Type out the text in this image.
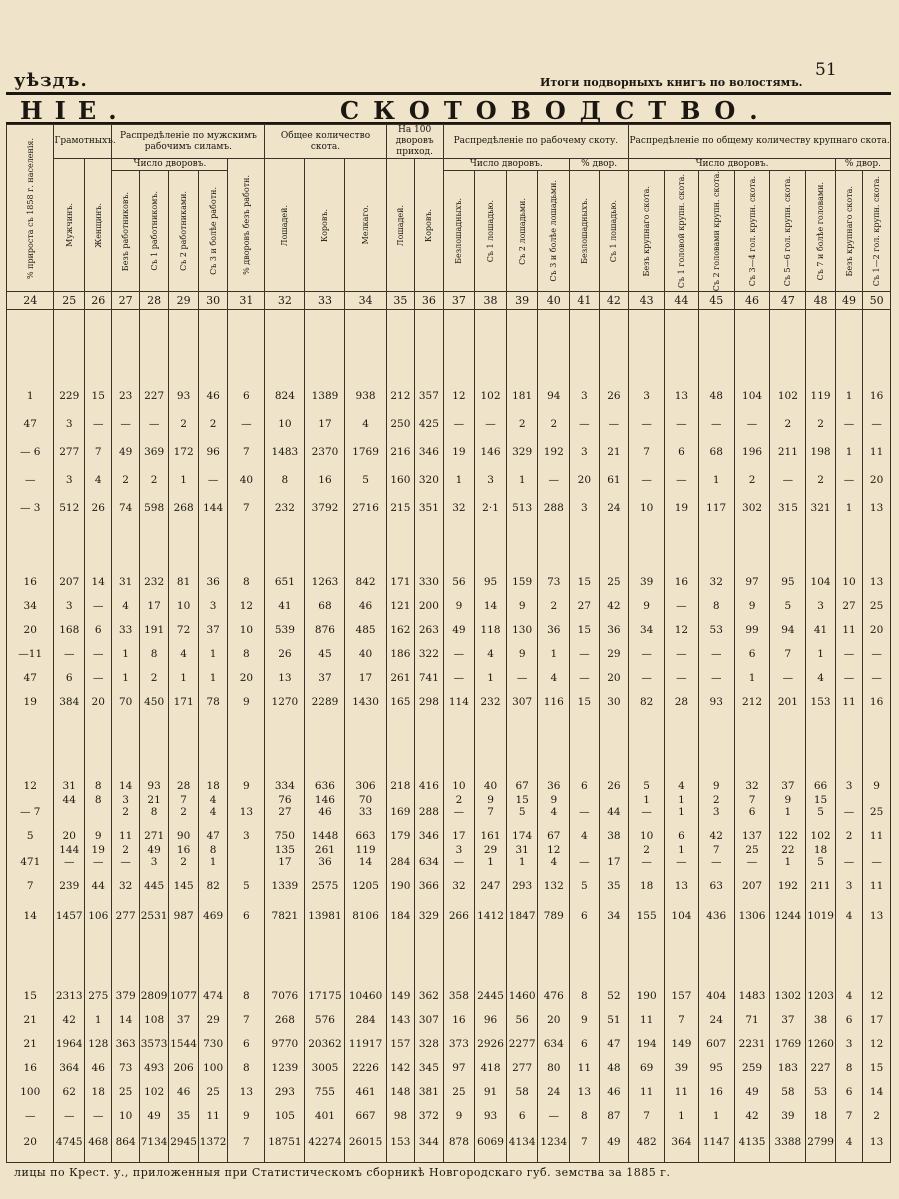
уѣздъ.	Итоги подворныхъ книгъ по волостямъ.
51
НІЕ.	СКОТОВОДСТВО.
% прироста съ 1858 г. населенія.	Грамотныхъ.		Распредѣленіе по мужскимъ рабочимъ силамъ.					Общее количество скота.			На 100 дворовъ приход.		Распредѣленіе по рабочему скоту.						Распредѣленіе по общему количеству крупнаго скота.							

	Мужчинъ.	Женщинъ.	Число дворовъ.				% дворовъ безъ работн.	Лошадей.	Коровъ.	Мелкаго.	Лошадей.	Коровъ.	Число дворовъ.				% двор.		Число дворовъ.						% двор.	

			Безъ работниковъ.	Съ 1 работникомъ.	Съ 2 работниками.	Съ 3 и болѣе работн.							Безлошадныхъ.	Съ 1 лошадью.	Съ 2 лошадьми.	Съ 3 и болѣе лошадьми.	Безлошадныхъ.	Съ 1 лошадью.	Безъ крупнаго скота.	Съ 1 головой крупн. скота.	Съ 2 головами крупн. скота.	Съ 3—4 гол. крупн. скота.	Съ 5—6 гол. крупн. скота.	Съ 7 и болѣе головами.	Безъ крупнаго скота.	Съ 1—2 гол. крупн. скота.

24	25	26	27	28	29	30	31	32	33	34	35	36	37	38	39	40	41	42	43	44	45	46	47	48	49	50

1	229	15	23	227	93	46	6	824	1389	938	212	357	12	102	181	94	3	26	3	13	48	104	102	119	1	16

47	3	—	—	—	2	2	—	10	17	4	250	425	—	—	2	2	—	—	—	—	—	—	2	2	—	—

— 6	277	7	49	369	172	96	7	1483	2370	1769	216	346	19	146	329	192	3	21	7	6	68	196	211	198	1	11

—	3	4	2	2	1	—	40	8	16	5	160	320	1	3	1	—	20	61	—	—	1	2	—	2	—	20

— 3	512	26	74	598	268	144	7	232	3792	2716	215	351	32	2·1	513	288	3	24	10	19	117	302	315	321	1	13

16	207	14	31	232	81	36	8	651	1263	842	171	330	56	95	159	73	15	25	39	16	32	97	95	104	10	13

34	3	—	4	17	10	3	12	41	68	46	121	200	9	14	9	2	27	42	9	—	8	9	5	3	27	25

20	168	6	33	191	72	37	10	539	876	485	162	263	49	118	130	36	15	36	34	12	53	99	94	41	11	20

—11	—	—	1	8	4	1	8	26	45	40	186	322	—	4	9	1	—	29	—	—	—	6	7	1	—	—

47	6	—	1	2	1	1	20	13	37	17	261	741	—	1	—	4	—	20	—	—	—	1	—	4	—	—

19	384	20	70	450	171	78	9	1270	2289	1430	165	298	114	232	307	116	15	30	82	28	93	212	201	153	11	16

12	31	8	14	93	28	18	9	334	636	306	218	416	10	40	67	36	6	26	5	4	9	32	37	66	3	9
	44	8	3	21	7	4		76	146	70			2	9	15	9			1	1	2	7	9	15		
— 7			2	8	2	4	13	27	46	33	169	288	—	7	5	4	—	44	—	1	3	6	1	5	—	25

5	20	9	11	271	90	47	3	750	1448	663	179	346	17	161	174	67	4	38	10	6	42	137	122	102	2	11
	144	19	2	49	16	8		135	261	119			3	29	31	12			2	1	7	25	22	18		
471	—	—	—	3	2	1		17	36	14	284	634	—	1	1	4	—	17	—	—	—	—	1	5	—	—

7	239	44	32	445	145	82	5	1339	2575	1205	190	366	32	247	293	132	5	35	18	13	63	207	192	211	3	11

14	1457	106	277	2531	987	469	6	7821	13981	8106	184	329	266	1412	1847	789	6	34	155	104	436	1306	1244	1019	4	13

15	2313	275	379	2809	1077	474	8	7076	17175	10460	149	362	358	2445	1460	476	8	52	190	157	404	1483	1302	1203	4	12

21	42	1	14	108	37	29	7	268	576	284	143	307	16	96	56	20	9	51	11	7	24	71	37	38	6	17

21	1964	128	363	3573	1544	730	6	9770	20362	11917	157	328	373	2926	2277	634	6	47	194	149	607	2231	1769	1260	3	12

16	364	46	73	493	206	100	8	1239	3005	2226	142	345	97	418	277	80	11	48	69	39	95	259	183	227	8	15

100	62	18	25	102	46	25	13	293	755	461	148	381	25	91	58	24	13	46	11	11	16	49	58	53	6	14

—	—	—	10	49	35	11	9	105	401	667	98	372	9	93	6	—	8	87	7	1	1	42	39	18	7	2

20	4745	468	864	7134	2945	1372	7	18751	42274	26015	153	344	878	6069	4134	1234	7	49	482	364	1147	4135	3388	2799	4	13

лицы по Крест. у., приложенныя при Статистическомъ сборникѣ Новгородскаго губ. земства за 1885 г.
